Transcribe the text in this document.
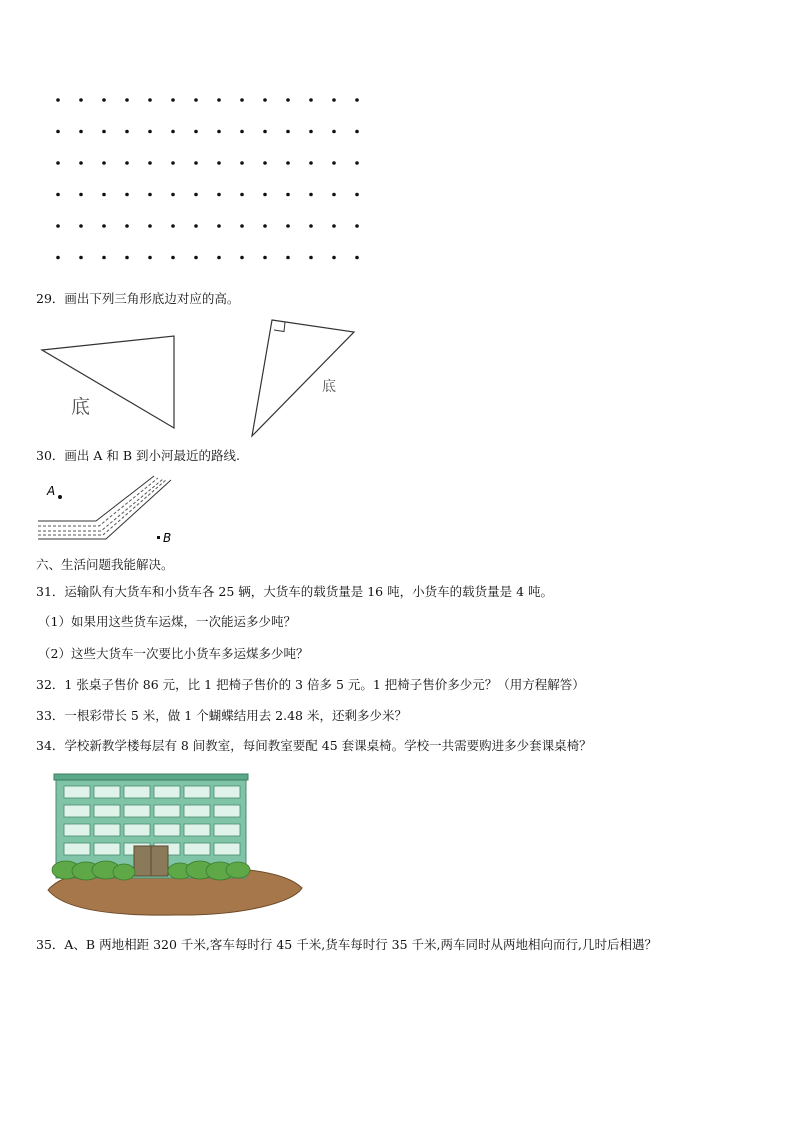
29．画出下列三角形底边对应的高。
底
底
30．画出 A 和 B 到小河最近的路线.
A
B
六、生活问题我能解决。
31．运输队有大货车和小货车各 25 辆，大货车的载货量是 16 吨，小货车的载货量是 4 吨。
（1）如果用这些货车运煤，一次能运多少吨？
（2）这些大货车一次要比小货车多运煤多少吨？
32．1 张桌子售价 86 元，比 1 把椅子售价的 3 倍多 5 元。1 把椅子售价多少元？（用方程解答）
33．一根彩带长 5 米，做 1 个蝴蝶结用去 2.48 米，还剩多少米？
34．学校新教学楼每层有 8 间教室，每间教室要配 45 套课桌椅。学校一共需要购进多少套课桌椅？
35．A、B 两地相距 320 千米,客车每时行 45 千米,货车每时行 35 千米,两车同时从两地相向而行,几时后相遇？
